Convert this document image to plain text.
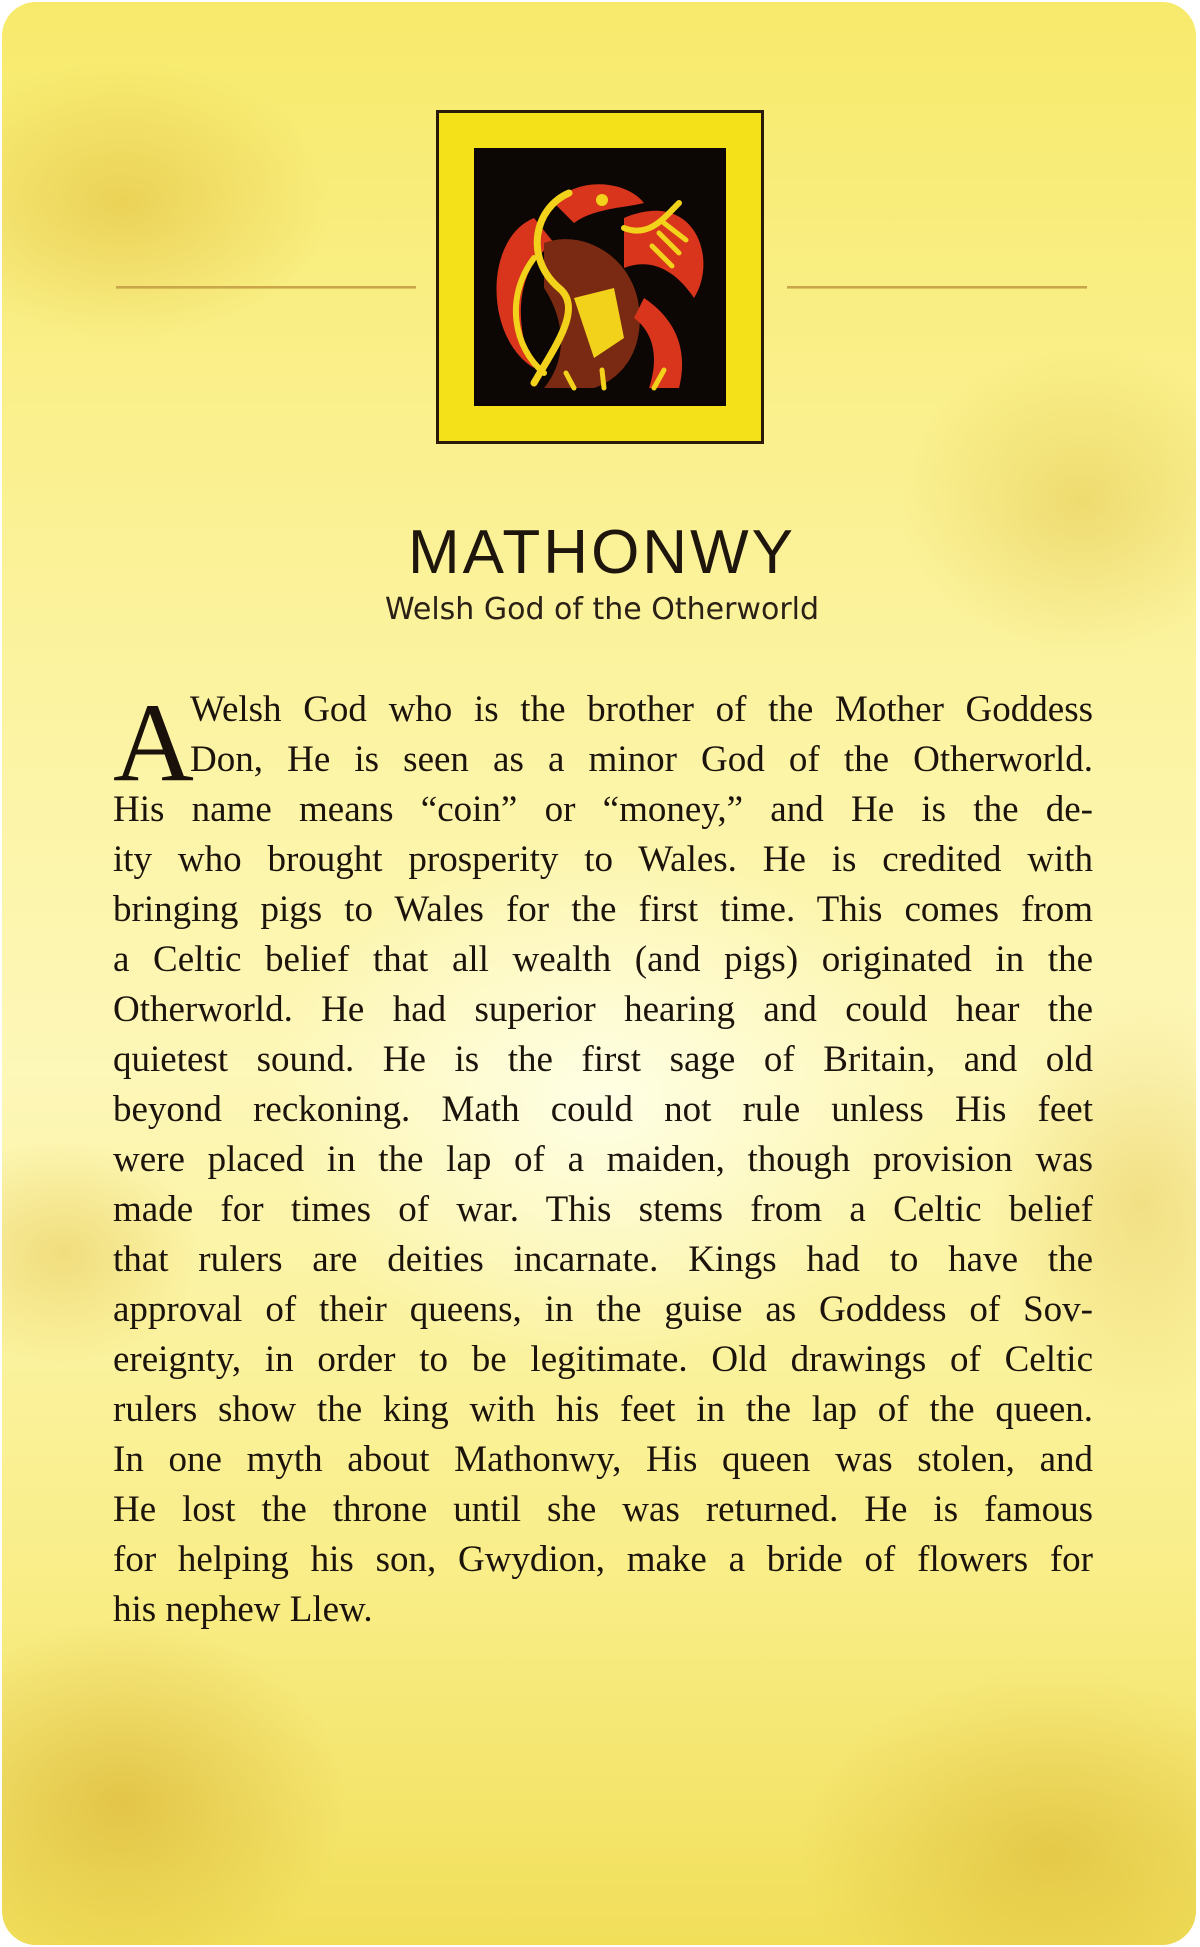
MATHONWY
Welsh God of the Otherworld
A
Welsh God who is the brother of the Mother Goddess
Don, He is seen as a minor God of the Otherworld.
His name means “coin” or “money,” and He is the de-
ity who brought prosperity to Wales. He is credited with
bringing pigs to Wales for the first time. This comes from
a Celtic belief that all wealth (and pigs) originated in the
Otherworld. He had superior hearing and could hear the
quietest sound. He is the first sage of Britain, and old
beyond reckoning. Math could not rule unless His feet
were placed in the lap of a maiden, though provision was
made for times of war. This stems from a Celtic belief
that rulers are deities incarnate. Kings had to have the
approval of their queens, in the guise as Goddess of Sov-
ereignty, in order to be legitimate. Old drawings of Celtic
rulers show the king with his feet in the lap of the queen.
In one myth about Mathonwy, His queen was stolen, and
He lost the throne until she was returned. He is famous
for helping his son, Gwydion, make a bride of flowers for
his nephew Llew.
